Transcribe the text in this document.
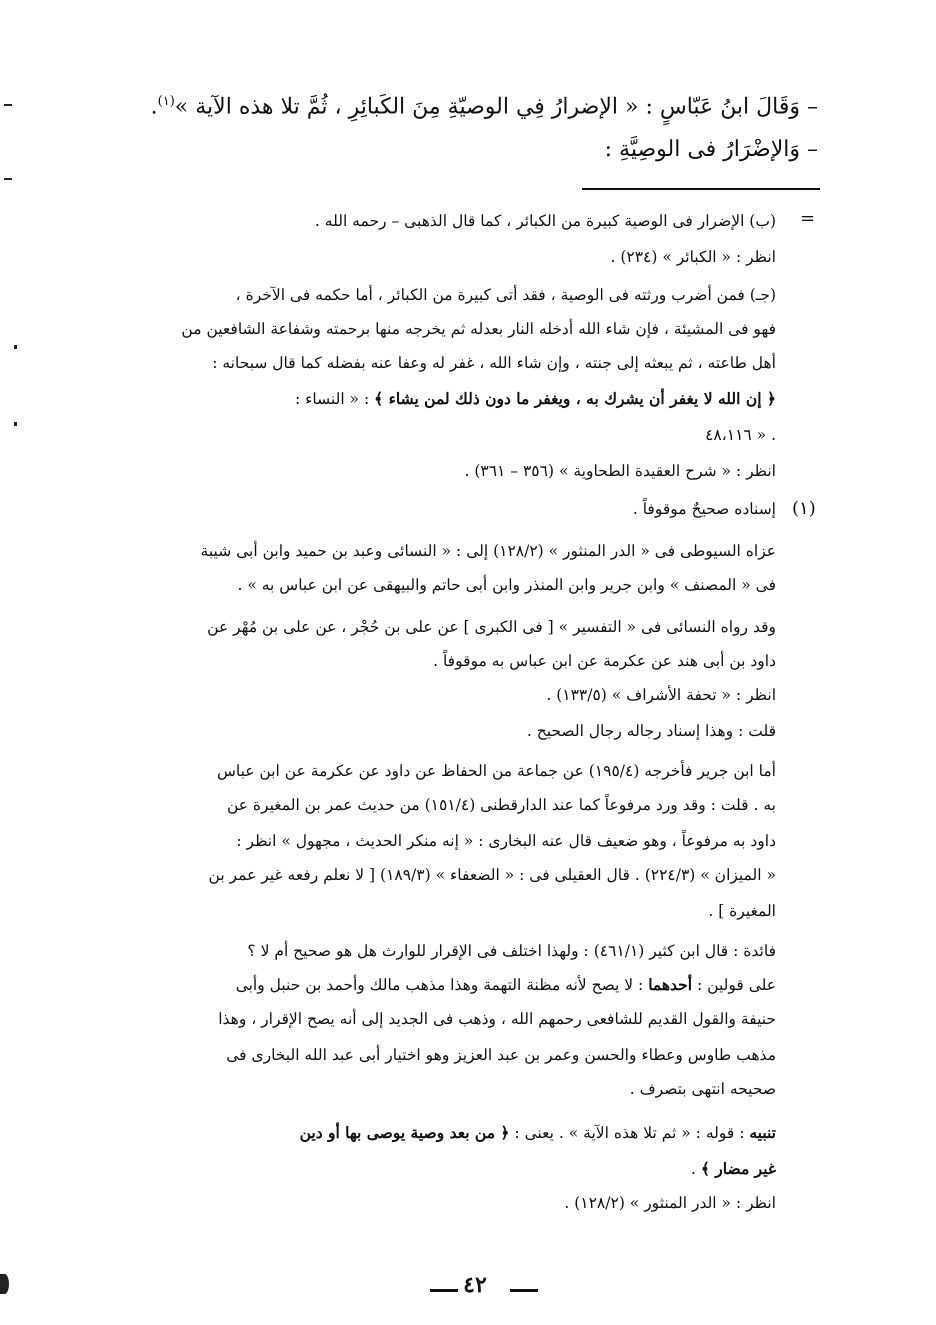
– وَقَالَ ابنُ عَبّاسٍ : « الإضرارُ فِي الوصيّةِ مِنَ الكَبائِرِ ، ثُمَّ تلا هذه الآية »$^{(١)}$.
– وَالإضْرَارُ فى الوصِيَّةِ :
=
(ب) الإضرار فى الوصية كبيرة من الكبائر ، كما قال الذهبى – رحمه الله .
انظر : « الكبائر » (٢٣٤) .
(جـ) فمن أضرب ورثته فى الوصية ، فقد أتى كبيرة من الكبائر ، أما حكمه فى الآخرة ،
فهو فى المشيئة ، فإن شاء الله أدخله النار بعدله ثم يخرجه منها برحمته وشفاعة الشافعين من
أهل طاعته ، ثم يبعثه إلى جنته ، وإن شاء الله ، غفر له وعفا عنه بفضله كما قال سبحانه :
﴿ إن الله لا يغفر أن يشرك به ، ويغفر ما دون ذلك لمن يشاء ﴾ : « النساء :
٤٨،١١٦ » .
انظر : « شرح العقيدة الطحاوية » (٣٥٦ – ٣٦١) .
(١)
إسناده صحيحٌ موقوفاً .
عزاه السيوطى فى « الدر المنثور » (١٢٨/٢) إلى : « النسائى وعبد بن حميد وابن أبى شيبة
فى « المصنف » وابن جرير وابن المنذر وابن أبى حاتم والبيهقى عن ابن عباس به » .
وقد رواه النسائى فى « التفسير » [ فى الكبرى ] عن على بن حُجْر ، عن على بن مُهْر عن
داود بن أبى هند عن عكرمة عن ابن عباس به موقوفاً .
انظر : « تحفة الأشراف » (١٣٣/٥) .
قلت : وهذا إسناد رجاله رجال الصحيح .
أما ابن جرير فأخرجه (١٩٥/٤) عن جماعة من الحفاظ عن داود عن عكرمة عن ابن عباس
به . قلت : وقد ورد مرفوعاً كما عند الدارقطنى (١٥١/٤) من حديث عمر بن المغيرة عن
داود به مرفوعاً ، وهو ضعيف قال عنه البخارى : « إنه منكر الحديث ، مجهول » انظر :
« الميزان » (٢٢٤/٣) . قال العقيلى فى : « الضعفاء » (١٨٩/٣) [ لا نعلم رفعه غير عمر بن
المغيرة ] .
فائدة : قال ابن كثير (٤٦١/١) : ولهذا اختلف فى الإقرار للوارث هل هو صحيح أم لا ؟
على قولين : أحدهما : لا يصح لأنه مظنة التهمة وهذا مذهب مالك وأحمد بن حنبل وأبى
حنيفة والقول القديم للشافعى رحمهم الله ، وذهب فى الجديد إلى أنه يصح الإقرار ، وهذا
مذهب طاوس وعطاء والحسن وعمر بن عبد العزيز وهو اختيار أبى عبد الله البخارى فى
صحيحه انتهى بتصرف .
تنبيه : قوله : « ثم تلا هذه الآية » . يعنى : ﴿ من بعد وصية يوصى بها أو دين
غير مضار ﴾ .
انظر : « الدر المنثور » (١٢٨/٢) .
٤٢
